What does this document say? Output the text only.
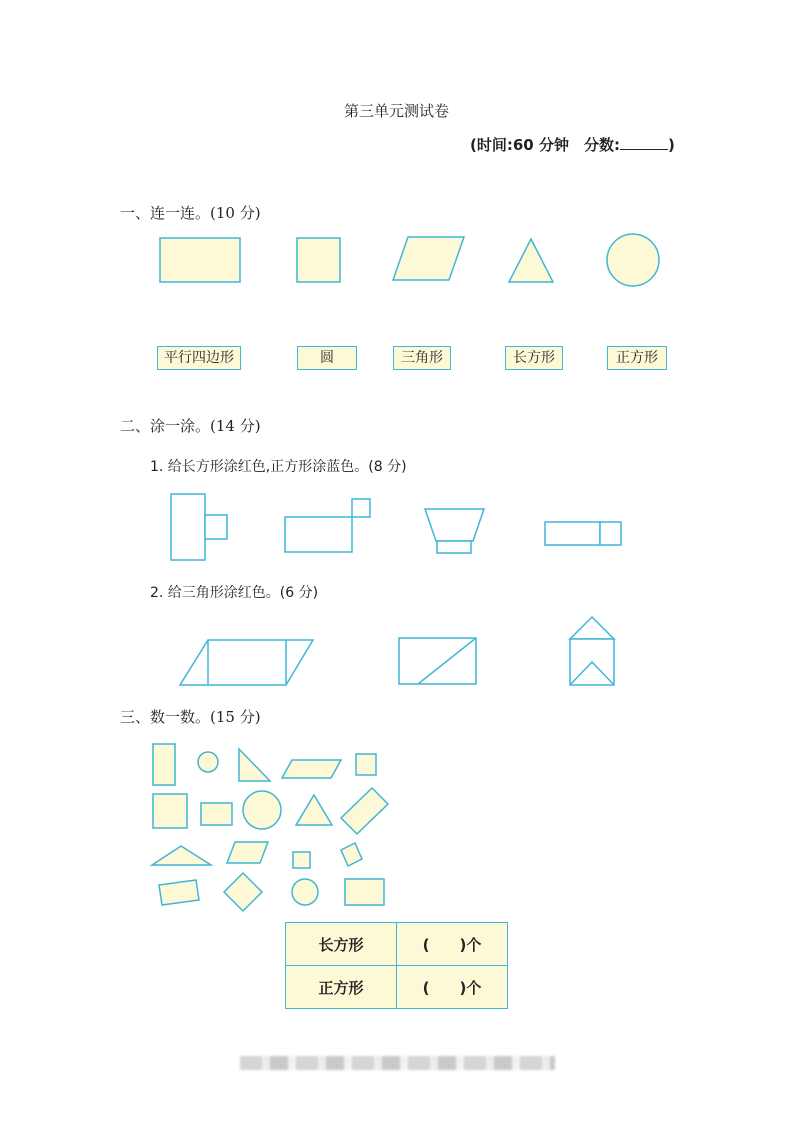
第三单元测试卷
(时间:60 分钟　 分数:	)
一、连一连。(10 分)
二、涂一涂。(14 分)
1. 给长方形涂红色,正方形涂蓝色。(8 分)
2. 给三角形涂红色。(6 分)
三、数一数。(15 分)
平行四边形	圆	三角形	长方形	正方形
长方形	(　　)个
正方形	(　　)个
